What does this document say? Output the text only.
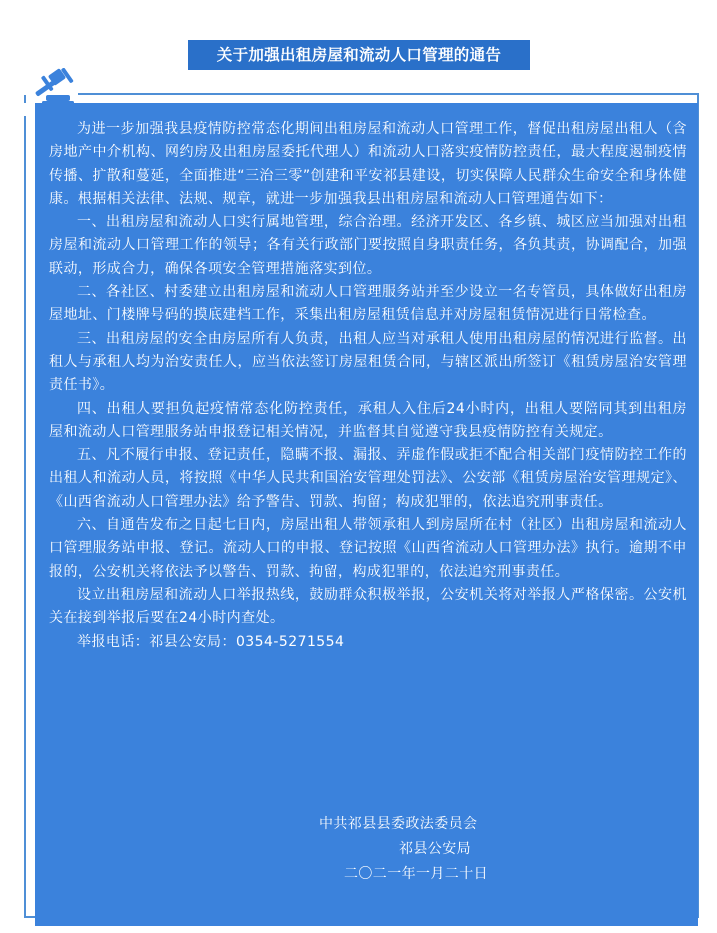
关于加强出租房屋和流动人口管理的通告

为进一步加强我县疫情防控常态化期间出租房屋和流动人口管理工作，督促出租房屋出租人（含房地产中介机构、网约房及出租房屋委托代理人）和流动人口落实疫情防控责任，最大程度遏制疫情传播、扩散和蔓延，全面推进“三治三零”创建和平安祁县建设，切实保障人民群众生命安全和身体健康。根据相关法律、法规、规章，就进一步加强我县出租房屋和流动人口管理通告如下：

一、出租房屋和流动人口实行属地管理，综合治理。经济开发区、各乡镇、城区应当加强对出租房屋和流动人口管理工作的领导；各有关行政部门要按照自身职责任务，各负其责，协调配合，加强联动，形成合力，确保各项安全管理措施落实到位。

二、各社区、村委建立出租房屋和流动人口管理服务站并至少设立一名专管员，具体做好出租房屋地址、门楼牌号码的摸底建档工作，采集出租房屋租赁信息并对房屋租赁情况进行日常检查。

三、出租房屋的安全由房屋所有人负责，出租人应当对承租人使用出租房屋的情况进行监督。出租人与承租人均为治安责任人，应当依法签订房屋租赁合同，与辖区派出所签订《租赁房屋治安管理责任书》。

四、出租人要担负起疫情常态化防控责任，承租人入住后24小时内，出租人要陪同其到出租房屋和流动人口管理服务站申报登记相关情况，并监督其自觉遵守我县疫情防控有关规定。

五、凡不履行申报、登记责任，隐瞒不报、漏报、弄虚作假或拒不配合相关部门疫情防控工作的出租人和流动人员，将按照《中华人民共和国治安管理处罚法》、公安部《租赁房屋治安管理规定》、《山西省流动人口管理办法》给予警告、罚款、拘留；构成犯罪的，依法追究刑事责任。

六、自通告发布之日起七日内，房屋出租人带领承租人到房屋所在村（社区）出租房屋和流动人口管理服务站申报、登记。流动人口的申报、登记按照《山西省流动人口管理办法》执行。逾期不申报的，公安机关将依法予以警告、罚款、拘留，构成犯罪的，依法追究刑事责任。

设立出租房屋和流动人口举报热线，鼓励群众积极举报，公安机关将对举报人严格保密。公安机关在接到举报后要在24小时内查处。

举报电话：祁县公安局：0354-5271554

中共祁县县委政法委员会
祁县公安局
二〇二一年一月二十日
